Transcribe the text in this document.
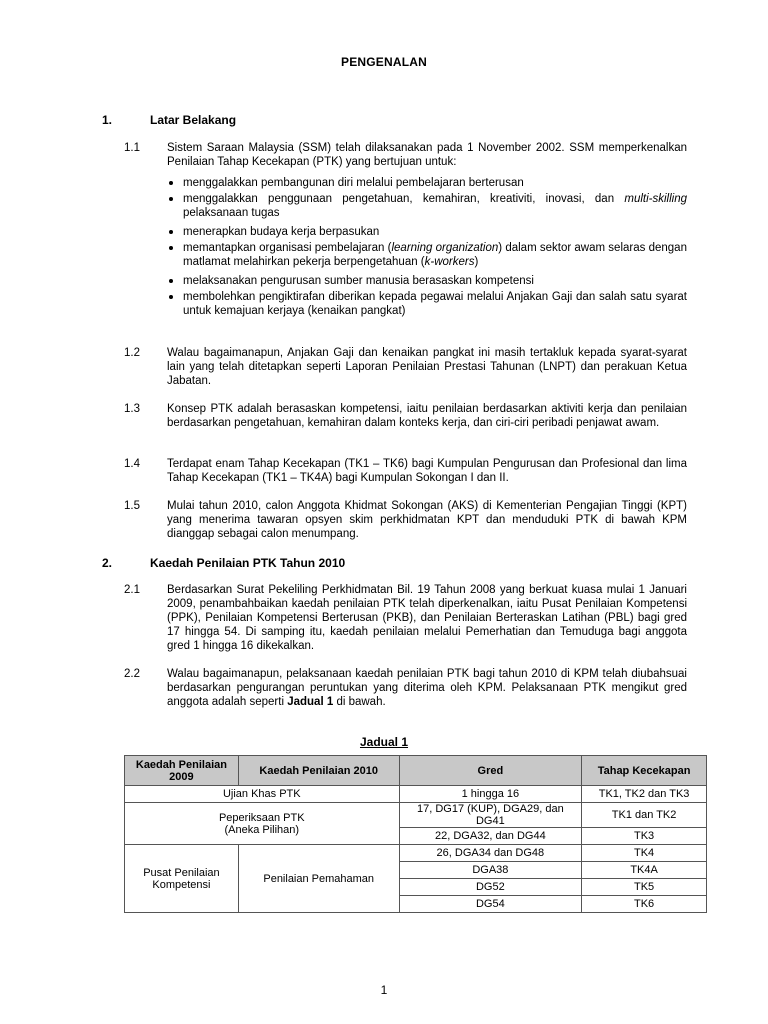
PENGENALAN
1.	Latar Belakang
1.1 Sistem Saraan Malaysia (SSM) telah dilaksanakan pada 1 November 2002. SSM memperkenalkan Penilaian Tahap Kecekapan (PTK) yang bertujuan untuk:
menggalakkan pembangunan diri melalui pembelajaran berterusan
menggalakkan penggunaan pengetahuan, kemahiran, kreativiti, inovasi, dan multi-skilling pelaksanaan tugas
menerapkan budaya kerja berpasukan
memantapkan organisasi pembelajaran (learning organization) dalam sektor awam selaras dengan matlamat melahirkan pekerja berpengetahuan (k-workers)
melaksanakan pengurusan sumber manusia berasaskan kompetensi
membolehkan pengiktirafan diberikan kepada pegawai melalui Anjakan Gaji dan salah satu syarat untuk kemajuan kerjaya (kenaikan pangkat)
1.2 Walau bagaimanapun, Anjakan Gaji dan kenaikan pangkat ini masih tertakluk kepada syarat-syarat lain yang telah ditetapkan seperti Laporan Penilaian Prestasi Tahunan (LNPT) dan perakuan Ketua Jabatan.
1.3 Konsep PTK adalah berasaskan kompetensi, iaitu penilaian berdasarkan aktiviti kerja dan penilaian berdasarkan pengetahuan, kemahiran dalam konteks kerja, dan ciri-ciri peribadi penjawat awam.
1.4 Terdapat enam Tahap Kecekapan (TK1 – TK6) bagi Kumpulan Pengurusan dan Profesional dan lima Tahap Kecekapan (TK1 – TK4A) bagi Kumpulan Sokongan I dan II.
1.5 Mulai tahun 2010, calon Anggota Khidmat Sokongan (AKS) di Kementerian Pengajian Tinggi (KPT) yang menerima tawaran opsyen skim perkhidmatan KPT dan menduduki PTK di bawah KPM dianggap sebagai calon menumpang.
2.	Kaedah Penilaian PTK Tahun 2010
2.1 Berdasarkan Surat Pekeliling Perkhidmatan Bil. 19 Tahun 2008 yang berkuat kuasa mulai 1 Januari 2009, penambahbaikan kaedah penilaian PTK telah diperkenalkan, iaitu Pusat Penilaian Kompetensi (PPK), Penilaian Kompetensi Berterusan (PKB), dan Penilaian Berteraskan Latihan (PBL) bagi gred 17 hingga 54. Di samping itu, kaedah penilaian melalui Pemerhatian dan Temuduga bagi anggota gred 1 hingga 16 dikekalkan.
2.2 Walau bagaimanapun, pelaksanaan kaedah penilaian PTK bagi tahun 2010 di KPM telah diubahsuai berdasarkan pengurangan peruntukan yang diterima oleh KPM. Pelaksanaan PTK mengikut gred anggota adalah seperti Jadual 1 di bawah.
Jadual 1
Kaedah Penilaian 2009	Kaedah Penilaian 2010	Gred	Tahap Kecekapan
Ujian Khas PTK		1 hingga 16	TK1, TK2 dan TK3
Peperiksaan PTK
(Aneka Pilihan)		17, DG17 (KUP), DGA29, dan DG41	TK1 dan TK2
		22, DGA32, dan DG44	TK3
Pusat Penilaian Kompetensi	Penilaian Pemahaman	26, DGA34 dan DG48	TK4
		DGA38	TK4A
		DG52	TK5
		DG54	TK6
1
